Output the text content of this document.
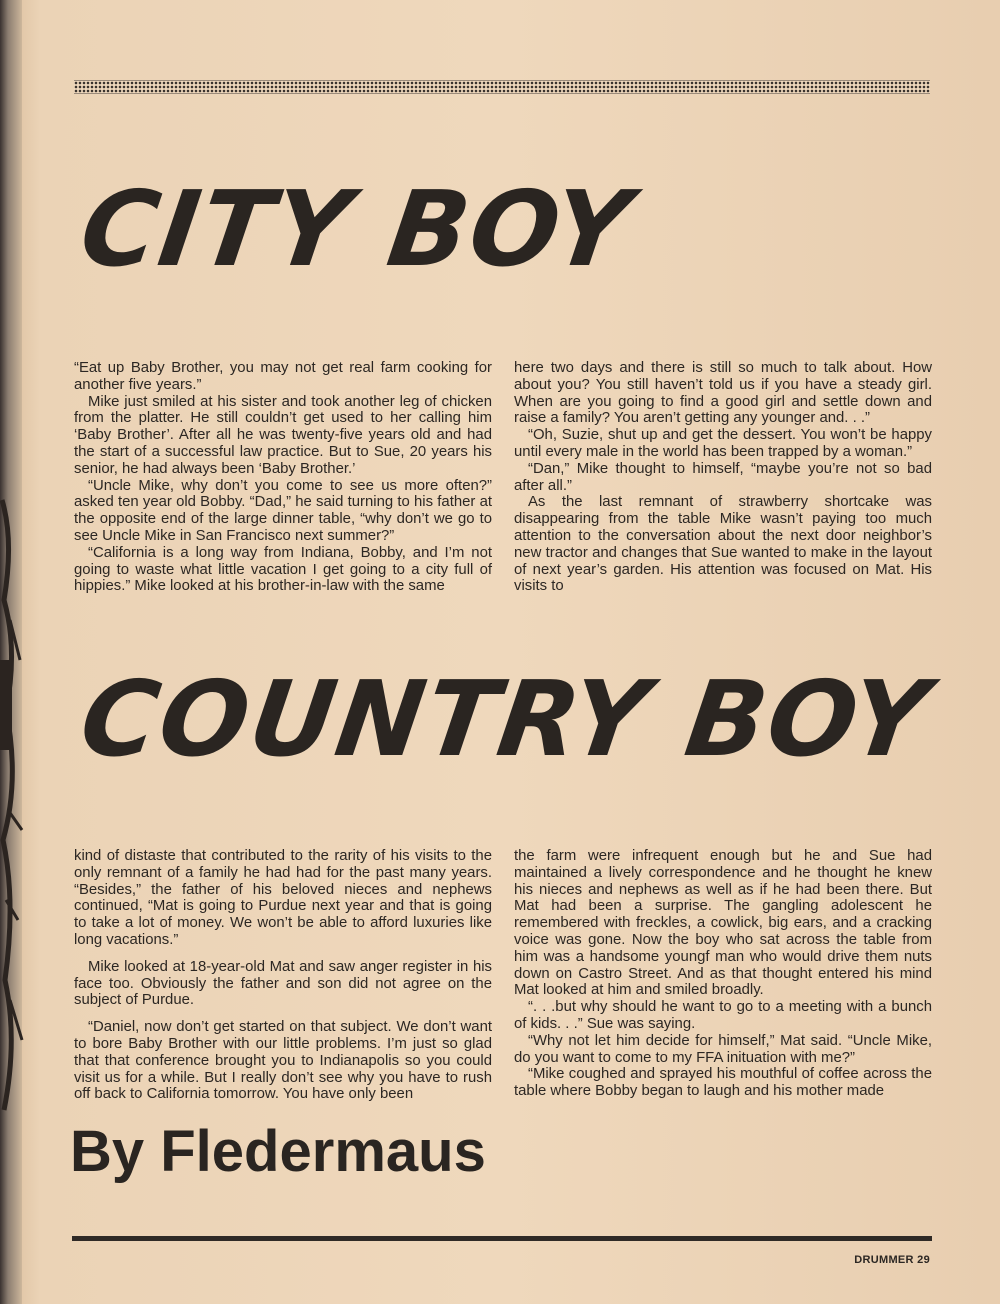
CITY BOY

“Eat up Baby Brother, you may not get real farm cooking for another five years.”

Mike just smiled at his sister and took another leg of chicken from the platter. He still couldn’t get used to her calling him ‘Baby Brother’. After all he was twenty-five years old and had the start of a successful law practice. But to Sue, 20 years his senior, he had always been ‘Baby Brother.’

“Uncle Mike, why don’t you come to see us more often?” asked ten year old Bobby. “Dad,” he said turning to his father at the opposite end of the large dinner table, “why don’t we go to see Uncle Mike in San Francisco next summer?”

“California is a long way from Indiana, Bobby, and I’m not going to waste what little vacation I get going to a city full of hippies.” Mike looked at his brother-in-law with the same

here two days and there is still so much to talk about. How about you? You still haven’t told us if you have a steady girl. When are you going to find a good girl and settle down and raise a family? You aren’t getting any younger and. . .”

“Oh, Suzie, shut up and get the dessert. You won’t be happy until every male in the world has been trapped by a woman.”

“Dan,” Mike thought to himself, “maybe you’re not so bad after all.”

As the last remnant of strawberry shortcake was disappearing from the table Mike wasn’t paying too much attention to the conversation about the next door neighbor’s new tractor and changes that Sue wanted to make in the layout of next year’s garden. His attention was focused on Mat. His visits to

COUNTRY BOY

kind of distaste that contributed to the rarity of his visits to the only remnant of a family he had had for the past many years. “Besides,” the father of his beloved nieces and nephews continued, “Mat is going to Purdue next year and that is going to take a lot of money. We won’t be able to afford luxuries like long vacations.”

Mike looked at 18-year-old Mat and saw anger register in his face too. Obviously the father and son did not agree on the subject of Purdue.

“Daniel, now don’t get started on that subject. We don’t want to bore Baby Brother with our little problems. I’m just so glad that that conference brought you to Indianapolis so you could visit us for a while. But I really don’t see why you have to rush off back to California tomorrow. You have only been

the farm were infrequent enough but he and Sue had maintained a lively correspondence and he thought he knew his nieces and nephews as well as if he had been there. But Mat had been a surprise. The gangling adolescent he remembered with freckles, a cowlick, big ears, and a cracking voice was gone. Now the boy who sat across the table from him was a handsome youngf man who would drive them nuts down on Castro Street. And as that thought entered his mind Mat looked at him and smiled broadly.

“. . .but why should he want to go to a meeting with a bunch of kids. . .” Sue was saying.

“Why not let him decide for himself,” Mat said. “Uncle Mike, do you want to come to my FFA inituation with me?”

“Mike coughed and sprayed his mouthful of coffee across the table where Bobby began to laugh and his mother made

By Fledermaus
DRUMMER 29
